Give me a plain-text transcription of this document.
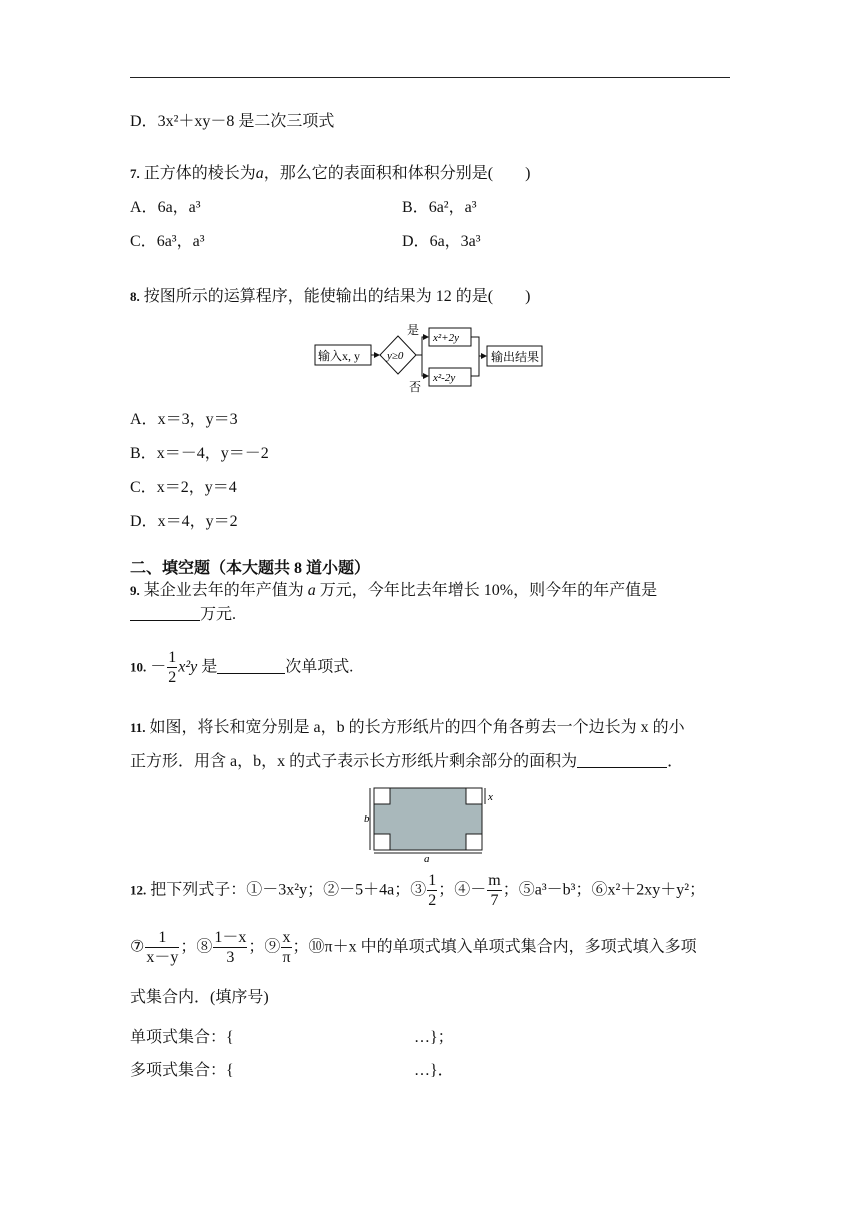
D．3x²＋xy－8 是二次三项式
7. 正方体的棱长为a，那么它的表面积和体积分别是(　　)
A．6a，a³	B．6a²，a³
C．6a³，a³	D．6a，3a³
8. 按图所示的运算程序，能使输出的结果为 12 的是(　　)
输入x, y y≥0
是
否
x²+2y
x²-2y
输出结果
A．x＝3，y＝3
B．x＝－4，y＝－2
C．x＝2，y＝4
D．x＝4，y＝2
二、填空题（本大题共 8 道小题）
9. 某企业去年的年产值为 a 万元，今年比去年增长 10%，则今年的年产值是
万元.
10. － $\frac{1}{2} x^2y$ 是	次单项式.
11. 如图，将长和宽分别是 a，b 的长方形纸片的四个角各剪去一个边长为 x 的小
正方形．用含 a，b，x 的式子表示长方形纸片剩余部分的面积为	．
a
b
x
12. 把下列式子：①－3x²y；②－5＋4a；③ $\frac{1}{2}$ ；④－ $\frac{m}{7}$ ；⑤a³－b³；⑥x²＋2xy＋y²；
⑦ $\frac{1}{x-y}$ ；⑧ $\frac{1-x}{3}$ ；⑨ $\frac{x}{\pi}$ ；⑩π＋x 中的单项式填入单项式集合内，多项式填入多项
式集合内．(填序号)
单项式集合：{	…}；
多项式集合：{	…}．
